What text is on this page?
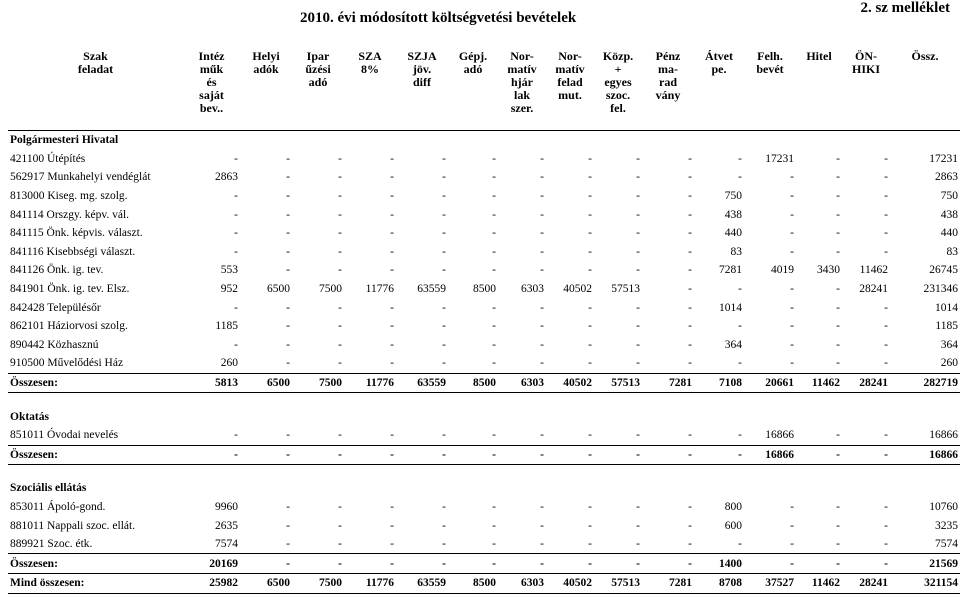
2010. évi módosított költségvetési bevételek
2. sz melléklet
Szak
feladat	Intéz
műk
és
saját
bev..	Helyi
adók	Ipar
űzési
adó	SZA
8%	SZJA
jöv.
diff	Gépj.
adó	Nor-
matív
hjár
lak
szer.	Nor-
matív
felad
mut.	Közp.
+
egyes
szoc.
fel.	Pénz
ma-
rad
vány	Átvet
pe.	Felh.
bevét	Hitel	ÖN-
HIKI	Össz.
Polgármesteri Hivatal															
421100 Útépítés	-	-	-	-	-	-	-	-	-	-	-	17231	-	-	17231
562917 Munkahelyi vendéglát	2863	-	-	-	-	-	-	-	-	-	-	-	-	-	2863
813000 Kiseg. mg. szolg.	-	-	-	-	-	-	-	-	-	-	750	-	-	-	750
841114 Orszgy. képv. vál.	-	-	-	-	-	-	-	-	-	-	438	-	-	-	438
841115 Önk. képvis. választ.	-	-	-	-	-	-	-	-	-	-	440	-	-	-	440
841116 Kisebbségi választ.	-	-	-	-	-	-	-	-	-	-	83	-	-	-	83
841126 Önk. ig. tev.	553	-	-	-	-	-	-	-	-	-	7281	4019	3430	11462	26745
841901 Önk. ig. tev. Elsz.	952	6500	7500	11776	63559	8500	6303	40502	57513	-	-	-	-	28241	231346
842428 Településőr	-	-	-	-	-	-	-	-	-	-	1014	-	-	-	1014
862101 Háziorvosi szolg.	1185	-	-	-	-	-	-	-	-	-	-	-	-	-	1185
890442 Közhasznú	-	-	-	-	-	-	-	-	-	-	364	-	-	-	364
910500 Művelődési Ház	260	-	-	-	-	-	-	-	-	-	-	-	-	-	260
Összesen:	5813	6500	7500	11776	63559	8500	6303	40502	57513	7281	7108	20661	11462	28241	282719

Oktatás															
851011 Óvodai nevelés	-	-	-	-	-	-	-	-	-	-	-	16866	-	-	16866
Összesen:	-	-	-	-	-	-	-	-	-	-	-	16866	-	-	16866

Szociális ellátás															
853011 Ápoló-gond.	9960	-	-	-	-	-	-	-	-	-	800	-	-	-	10760
881011 Nappali szoc. ellát.	2635	-	-	-	-	-	-	-	-	-	600	-	-	-	3235
889921 Szoc. étk.	7574	-	-	-	-	-	-	-	-	-	-	-	-	-	7574
Összesen:	20169	-	-	-	-	-	-	-	-	-	1400	-	-	-	21569
Mind összesen:	25982	6500	7500	11776	63559	8500	6303	40502	57513	7281	8708	37527	11462	28241	321154
